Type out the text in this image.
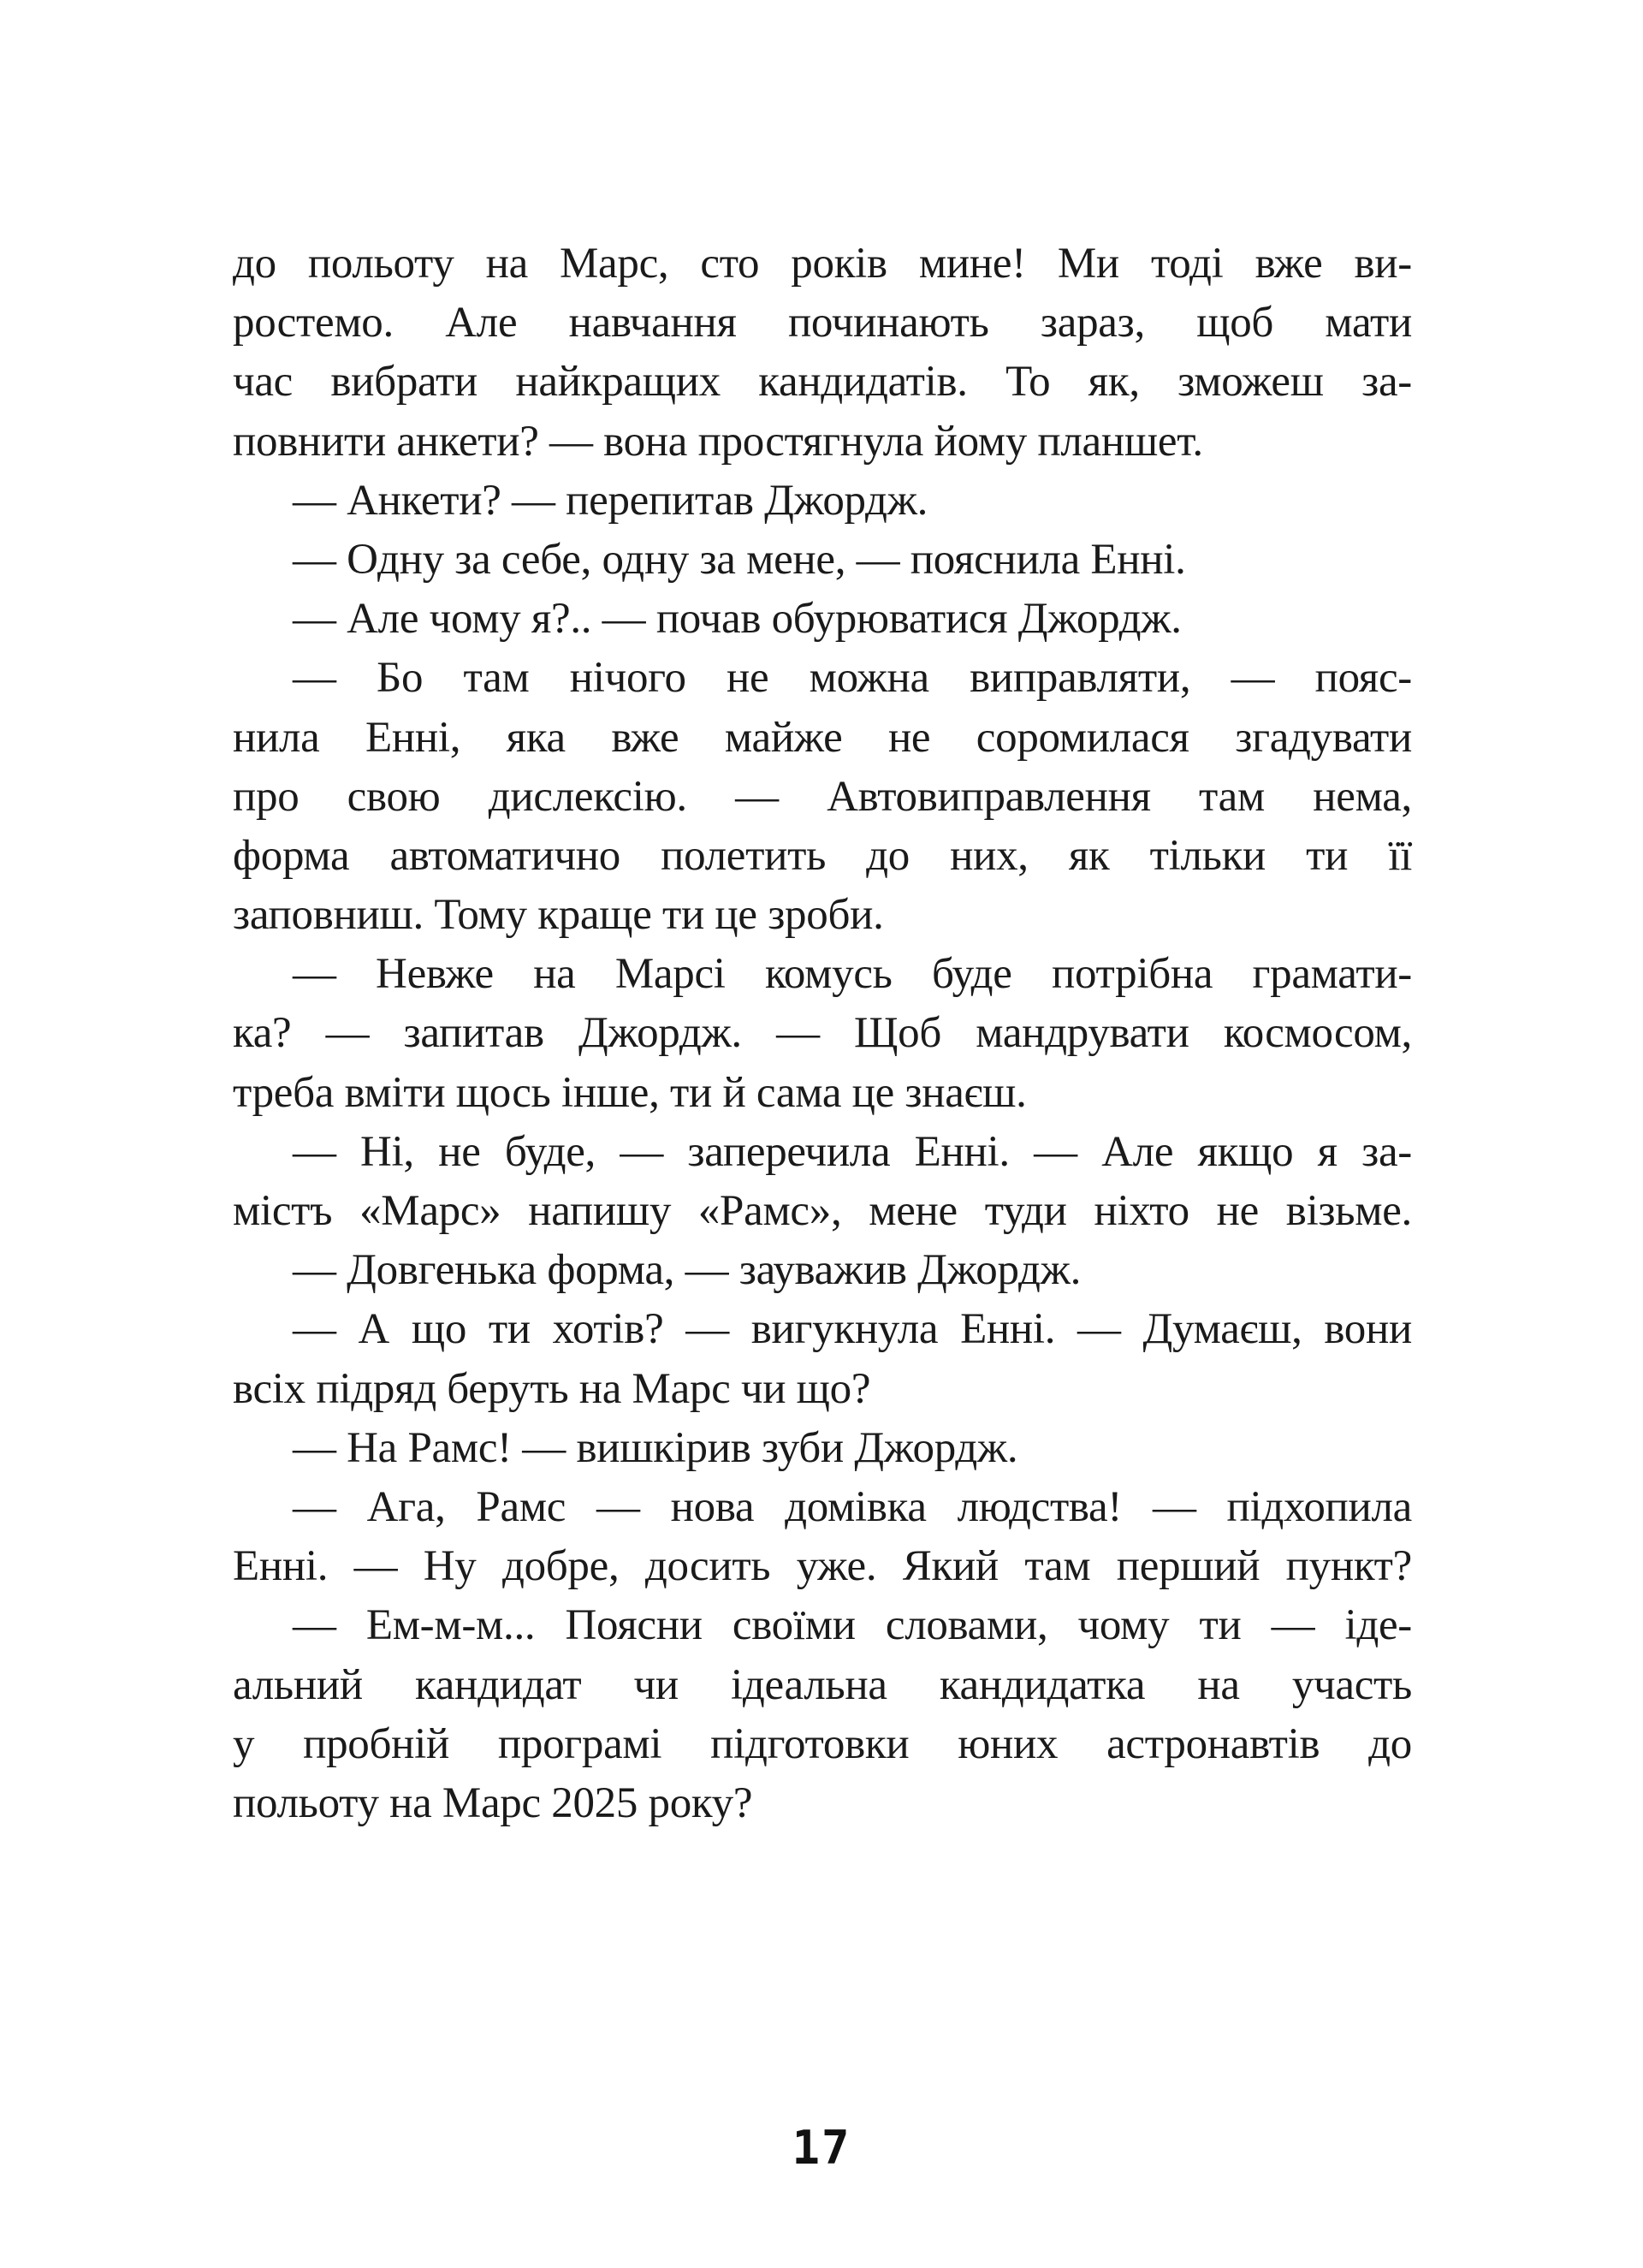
до польоту на Марс, сто років мине! Ми тоді вже ви-
ростемо. Але навчання починають зараз, щоб мати
час вибрати найкращих кандидатів. То як, зможеш за-
повнити анкети? — вона простягнула йому планшет.
— Анкети? — перепитав Джордж.
— Одну за себе, одну за мене, — пояснила Енні.
— Але чому я?.. — почав обурюватися Джордж.
— Бо там нічого не можна виправляти, — пояс-
нила Енні, яка вже майже не соромилася згадувати
про свою дислексію. — Автовиправлення там нема,
форма автоматично полетить до них, як тільки ти її
заповниш. Тому краще ти це зроби.
— Невже на Марсі комусь буде потрібна грамати-
ка? — запитав Джордж. — Щоб мандрувати космосом,
треба вміти щось інше, ти й сама це знаєш.
— Ні, не буде, — заперечила Енні. — Але якщо я за-
містъ «Марс» напишу «Рамс», мене туди ніхто не візьме.
— Довгенька форма, — зауважив Джордж.
— А що ти хотів? — вигукнула Енні. — Думаєш, вони
всіх підряд беруть на Марс чи що?
— На Рамс! — вишкірив зуби Джордж.
— Ага, Рамс — нова домівка людства! — підхопила
Енні. — Ну добре, досить уже. Який там перший пункт?
— Ем-м-м... Поясни своїми словами, чому ти — іде-
альний кандидат чи ідеальна кандидатка на участь
у пробній програмі підготовки юних астронавтів до
польоту на Марс 2025 року?
17
